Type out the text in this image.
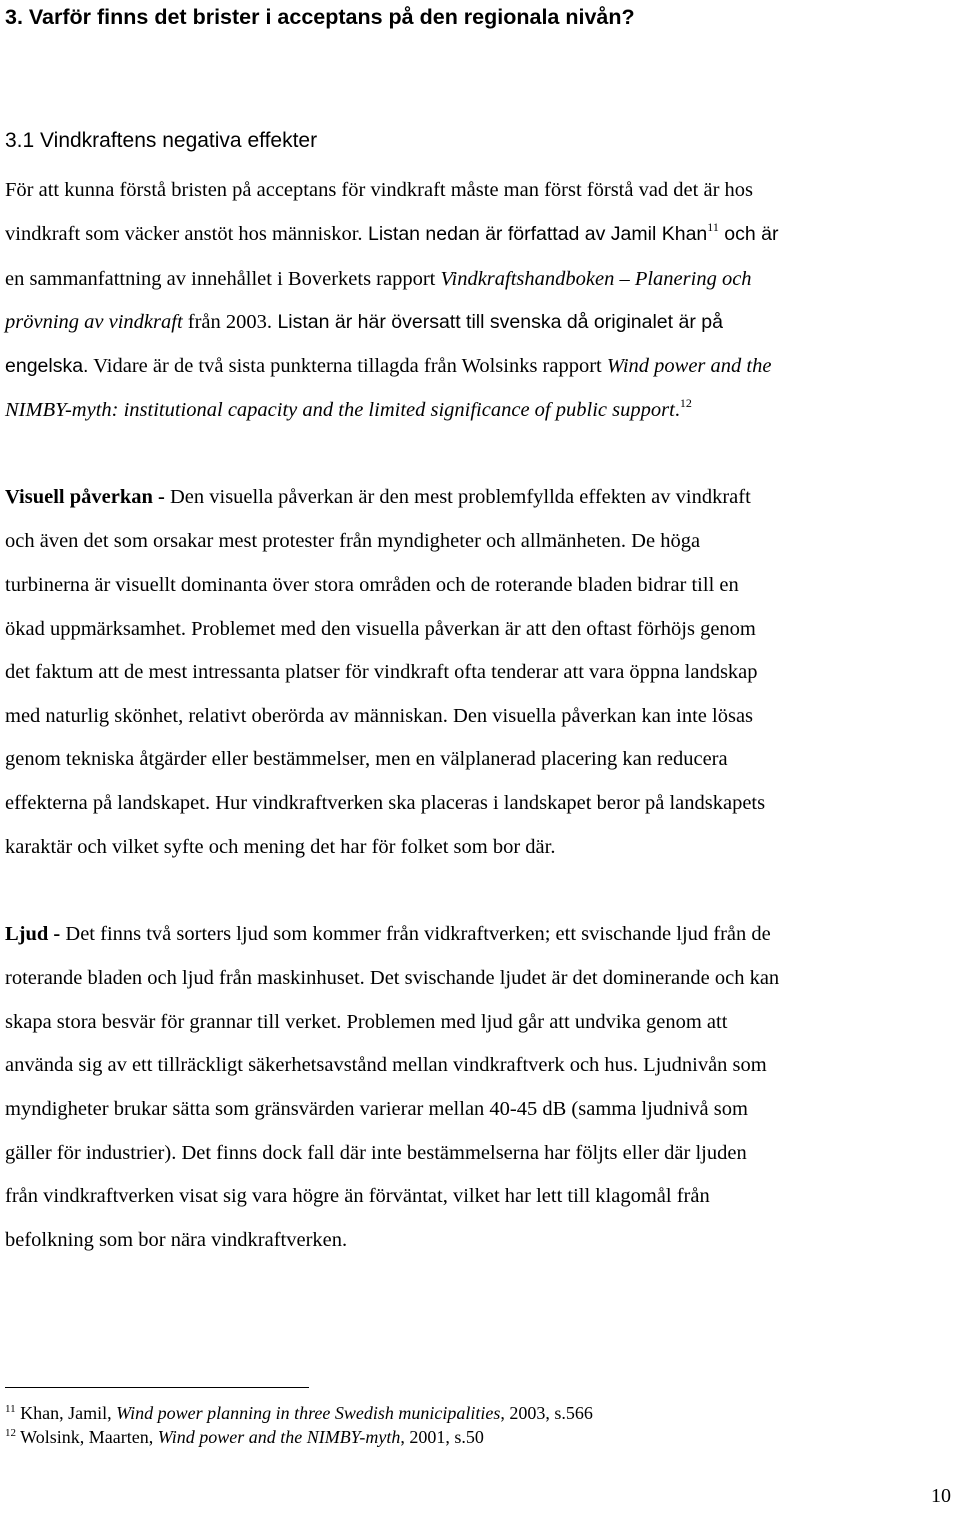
3. Varför finns det brister i acceptans på den regionala nivån?
3.1 Vindkraftens negativa effekter
För att kunna förstå bristen på acceptans för vindkraft måste man först förstå vad det är hos
vindkraft som väcker anstöt hos människor. Listan nedan är författad av Jamil Khan$^{11}$ och är
en sammanfattning av innehållet i Boverkets rapport Vindkraftshandboken – Planering och
prövning av vindkraft från 2003. Listan är här översatt till svenska då originalet är på
engelska. Vidare är de två sista punkterna tillagda från Wolsinks rapport Wind power and the
NIMBY-myth: institutional capacity and the limited significance of public support.$^{12}$
Visuell påverkan - Den visuella påverkan är den mest problemfyllda effekten av vindkraft
och även det som orsakar mest protester från myndigheter och allmänheten. De höga
turbinerna är visuellt dominanta över stora områden och de roterande bladen bidrar till en
ökad uppmärksamhet. Problemet med den visuella påverkan är att den oftast förhöjs genom
det faktum att de mest intressanta platser för vindkraft ofta tenderar att vara öppna landskap
med naturlig skönhet, relativt oberörda av människan. Den visuella påverkan kan inte lösas
genom tekniska åtgärder eller bestämmelser, men en välplanerad placering kan reducera
effekterna på landskapet. Hur vindkraftverken ska placeras i landskapet beror på landskapets
karaktär och vilket syfte och mening det har för folket som bor där.
Ljud - Det finns två sorters ljud som kommer från vidkraftverken; ett svischande ljud från de
roterande bladen och ljud från maskinhuset. Det svischande ljudet är det dominerande och kan
skapa stora besvär för grannar till verket. Problemen med ljud går att undvika genom att
använda sig av ett tillräckligt säkerhetsavstånd mellan vindkraftverk och hus. Ljudnivån som
myndigheter brukar sätta som gränsvärden varierar mellan 40-45 dB (samma ljudnivå som
gäller för industrier). Det finns dock fall där inte bestämmelserna har följts eller där ljuden
från vindkraftverken visat sig vara högre än förväntat, vilket har lett till klagomål från
befolkning som bor nära vindkraftverken.
$^{11}$ Khan, Jamil, Wind power planning in three Swedish municipalities, 2003, s.566
$^{12}$ Wolsink, Maarten, Wind power and the NIMBY-myth, 2001, s.50
10
